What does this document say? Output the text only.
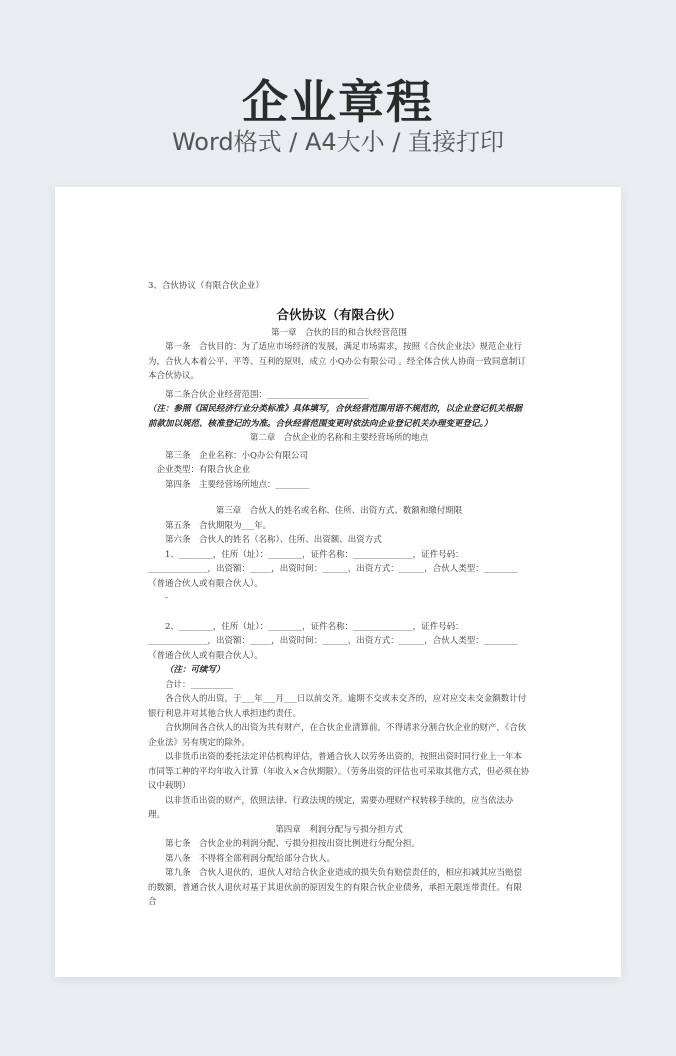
企业章程

Word格式 / A4大小 / 直接打印

3、合伙协议（有限合伙企业）

合伙协议（有限合伙）

第一章　合伙的目的和合伙经营范围

第一条　合伙目的：为了适应市场经济的发展，满足市场需求，按照《合伙企业法》规范企业行为，合伙人本着公平、平等、互利的原则，成立 小Q办公有限公司 。经全体合伙人协商一致同意制订本合伙协议。

第二条合伙企业经营范围：________________________

（注：参照《国民经济行业分类标准》具体填写，合伙经营范围用语不规范的，以企业登记机关根据前款加以规范、核准登记的为准。合伙经营范围变更时依法向企业登记机关办理变更登记。）

第二章　合伙企业的名称和主要经营场所的地点

第三条　企业名称：小Q办公有限公司

企业类型：有限合伙企业

第四条　主要经营场所地点：________

第三章　合伙人的姓名或名称、住所、出资方式、数额和缴付期限

第五条　合伙期限为___年。

第六条　合伙人的姓名（名称）、住所、出资额、出资方式

1、________，住所（址）：________，证件名称：______________，证件号码：______________，出资额：_____，出资时间：______，出资方式：______，合伙人类型：________（普通合伙人或有限合伙人）。

-

2、________，住所（址）：________，证件名称：______________，证件号码：______________，出资额：_____，出资时间：______，出资方式：______，合伙人类型：________（普通合伙人或有限合伙人）。

（注：可续写）

合计：__________

各合伙人的出资，于___年___月___日以前交齐。逾期不交或未交齐的，应对应交未交金额数计付银行利息并对其他合伙人承担违约责任。

合伙期间各合伙人的出资为共有财产，在合伙企业清算前，不得请求分割合伙企业的财产，《合伙企业法》另有规定的除外。

以非货币出资的委托法定评估机构评估，普通合伙人以劳务出资的，按照出资时同行业上一年本市同等工种的平均年收入计算（年收入×合伙期限）。（劳务出资的评估也可采取其他方式，但必须在协议中载明）

以非货币出资的财产，依照法律、行政法规的规定，需要办理财产权转移手续的，应当依法办理。

第四章　利润分配与亏损分担方式

第七条　合伙企业的利润分配、亏损分担按出资比例进行分配分担。

第八条　不得将全部利润分配给部分合伙人。

第九条　合伙人退伙的，退伙人对给合伙企业造成的损失负有赔偿责任的，相应扣减其应当赔偿的数额，普通合伙人退伙对基于其退伙前的原因发生的有限合伙企业债务，承担无限连带责任。有限合
